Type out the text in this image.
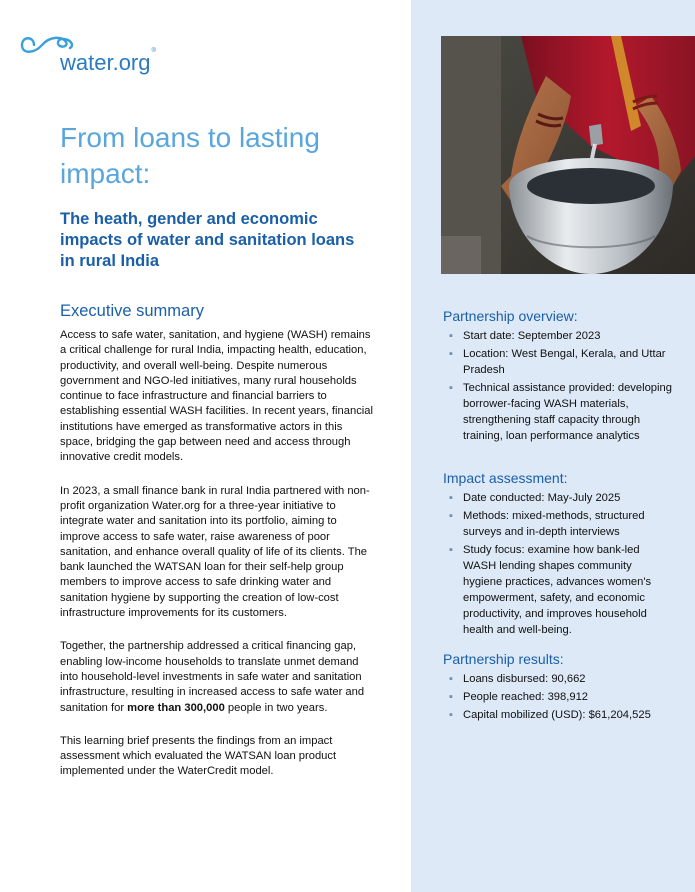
water.org®
From loans to lasting impact:
The heath, gender and economic impacts of water and sanitation loans in rural India
Executive summary

Access to safe water, sanitation, and hygiene (WASH) remains a critical challenge for rural India, impacting health, education, productivity, and overall well-being. Despite numerous government and NGO-led initiatives, many rural households continue to face infrastructure and financial barriers to establishing essential WASH facilities. In recent years, financial institutions have emerged as transformative actors in this space, bridging the gap between need and access through innovative credit models.

In 2023, a small finance bank in rural India partnered with non-profit organization Water.org for a three-year initiative to integrate water and sanitation into its portfolio, aiming to improve access to safe water, raise awareness of poor sanitation, and enhance overall quality of life of its clients. The bank launched the WATSAN loan for their self-help group members to improve access to safe drinking water and sanitation hygiene by supporting the creation of low-cost infrastructure improvements for its customers.

Together, the partnership addressed a critical financing gap, enabling low-income households to translate unmet demand into household-level investments in safe water and sanitation infrastructure, resulting in increased access to safe water and sanitation for more than 300,000 people in two years.

This learning brief presents the findings from an impact assessment which evaluated the WATSAN loan product implemented under the WaterCredit model.

Partnership overview:
▪ Start date: September 2023
▪ Location: West Bengal, Kerala, and Uttar Pradesh
▪ Technical assistance provided: developing borrower-facing WASH materials, strengthening staff capacity through training, loan performance analytics
Impact assessment:
▪ Date conducted: May-July 2025
▪ Methods: mixed-methods, structured surveys and in-depth interviews
▪ Study focus: examine how bank-led WASH lending shapes community hygiene practices, advances women's empowerment, safety, and economic productivity, and improves household health and well-being.
Partnership results:
▪ Loans disbursed: 90,662
▪ People reached: 398,912
▪ Capital mobilized (USD): $61,204,525
